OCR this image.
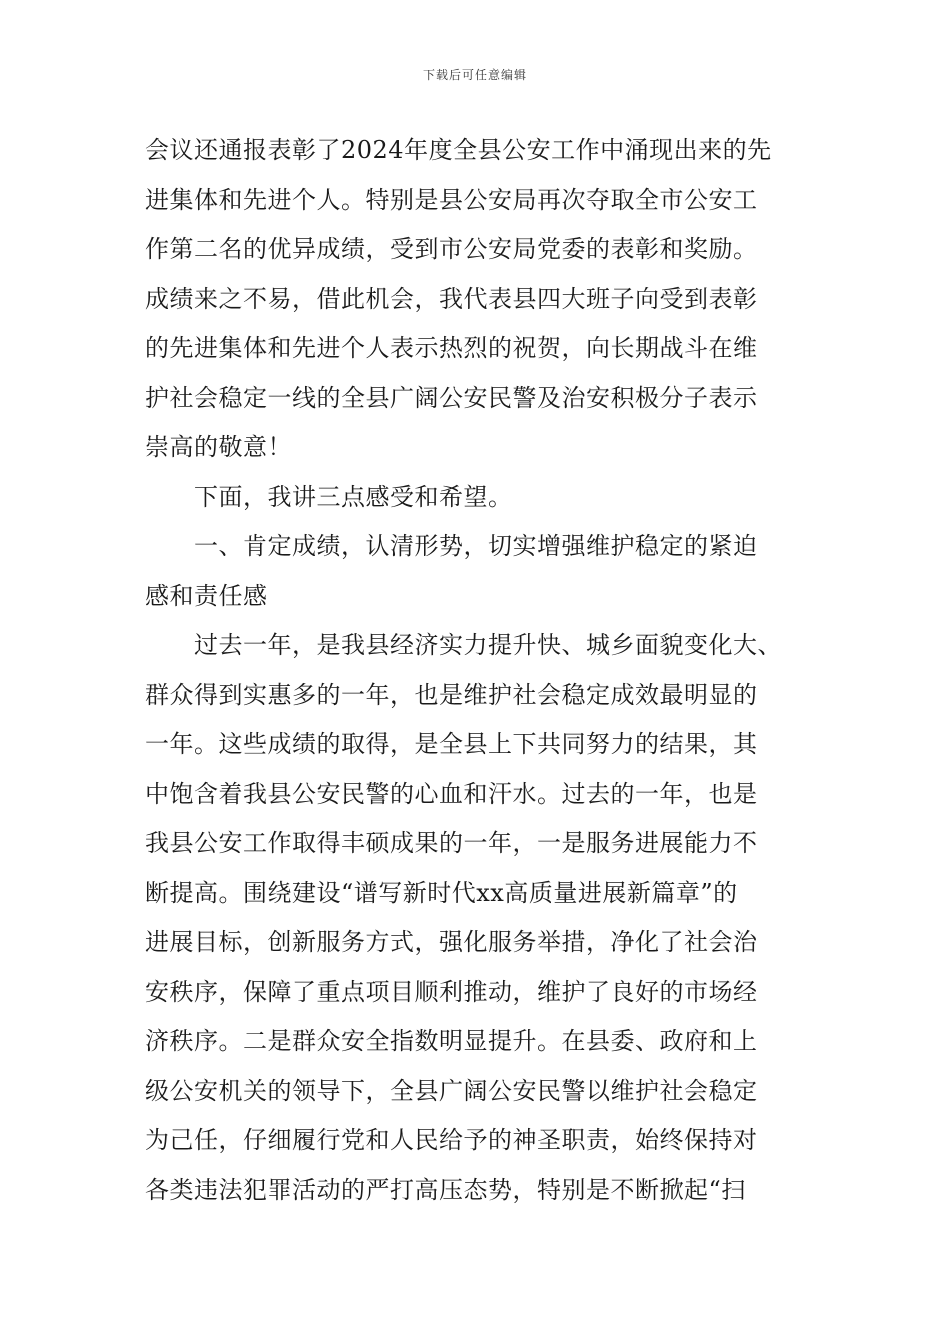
下载后可任意编辑
会议还通报表彰了2024年度全县公安工作中涌现出来的先
进集体和先进个人。特别是县公安局再次夺取全市公安工
作第二名的优异成绩，受到市公安局党委的表彰和奖励。
成绩来之不易，借此机会，我代表县四大班子向受到表彰
的先进集体和先进个人表示热烈的祝贺，向长期战斗在维
护社会稳定一线的全县广阔公安民警及治安积极分子表示
崇高的敬意！
下面，我讲三点感受和希望。
一、肯定成绩，认清形势，切实增强维护稳定的紧迫
感和责任感
过去一年，是我县经济实力提升快、城乡面貌变化大、
群众得到实惠多的一年，也是维护社会稳定成效最明显的
一年。这些成绩的取得，是全县上下共同努力的结果，其
中饱含着我县公安民警的心血和汗水。过去的一年，也是
我县公安工作取得丰硕成果的一年，一是服务进展能力不
断提高。围绕建设“谱写新时代xx高质量进展新篇章”的
进展目标，创新服务方式，强化服务举措，净化了社会治
安秩序，保障了重点项目顺利推动，维护了良好的市场经
济秩序。二是群众安全指数明显提升。在县委、政府和上
级公安机关的领导下，全县广阔公安民警以维护社会稳定
为己任，仔细履行党和人民给予的神圣职责，始终保持对
各类违法犯罪活动的严打高压态势，特别是不断掀起“扫
